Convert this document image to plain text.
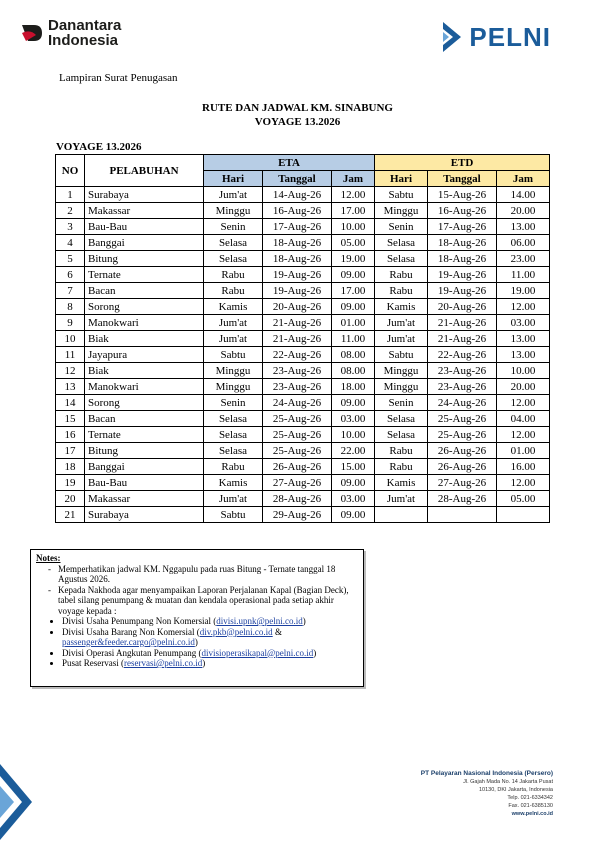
Danantara
Indonesia	PELNI
Lampiran Surat Penugasan
RUTE DAN JADWAL KM. SINABUNG
VOYAGE 13.2026
VOYAGE 13.2026
NO	PELABUHAN	ETA			ETD		
		Hari	Tanggal	Jam	Hari	Tanggal	Jam
1	Surabaya	Jum'at	14-Aug-26	12.00	Sabtu	15-Aug-26	14.00
2	Makassar	Minggu	16-Aug-26	17.00	Minggu	16-Aug-26	20.00
3	Bau-Bau	Senin	17-Aug-26	10.00	Senin	17-Aug-26	13.00
4	Banggai	Selasa	18-Aug-26	05.00	Selasa	18-Aug-26	06.00
5	Bitung	Selasa	18-Aug-26	19.00	Selasa	18-Aug-26	23.00
6	Ternate	Rabu	19-Aug-26	09.00	Rabu	19-Aug-26	11.00
7	Bacan	Rabu	19-Aug-26	17.00	Rabu	19-Aug-26	19.00
8	Sorong	Kamis	20-Aug-26	09.00	Kamis	20-Aug-26	12.00
9	Manokwari	Jum'at	21-Aug-26	01.00	Jum'at	21-Aug-26	03.00
10	Biak	Jum'at	21-Aug-26	11.00	Jum'at	21-Aug-26	13.00
11	Jayapura	Sabtu	22-Aug-26	08.00	Sabtu	22-Aug-26	13.00
12	Biak	Minggu	23-Aug-26	08.00	Minggu	23-Aug-26	10.00
13	Manokwari	Minggu	23-Aug-26	18.00	Minggu	23-Aug-26	20.00
14	Sorong	Senin	24-Aug-26	09.00	Senin	24-Aug-26	12.00
15	Bacan	Selasa	25-Aug-26	03.00	Selasa	25-Aug-26	04.00
16	Ternate	Selasa	25-Aug-26	10.00	Selasa	25-Aug-26	12.00
17	Bitung	Selasa	25-Aug-26	22.00	Rabu	26-Aug-26	01.00
18	Banggai	Rabu	26-Aug-26	15.00	Rabu	26-Aug-26	16.00
19	Bau-Bau	Kamis	27-Aug-26	09.00	Kamis	27-Aug-26	12.00
20	Makassar	Jum'at	28-Aug-26	03.00	Jum'at	28-Aug-26	05.00
21	Surabaya	Sabtu	29-Aug-26	09.00			
Notes:
- Memperhatikan jadwal KM. Nggapulu pada ruas Bitung - Ternate tanggal 18 Agustus 2026.
- Kepada Nakhoda agar menyampaikan Laporan Perjalanan Kapal (Bagian Deck), tabel silang penumpang & muatan dan kendala operasional pada setiap akhir voyage kepada :
• Divisi Usaha Penumpang Non Komersial (divisi.upnk@pelni.co.id)
• Divisi Usaha Barang Non Komersial (div.pkb@pelni.co.id & passenger&feeder.cargo@pelni.co.id)
• Divisi Operasi Angkutan Penumpang (divisioperasikapal@pelni.co.id)
• Pusat Reservasi (reservasi@pelni.co.id)
PT Pelayaran Nasional Indonesia (Persero)
Jl. Gajah Mada No. 14 Jakarta Pusat
10130, DKI Jakarta, Indonesia
Telp. 021-6334342
Fax. 021-6385130
www.pelni.co.id
